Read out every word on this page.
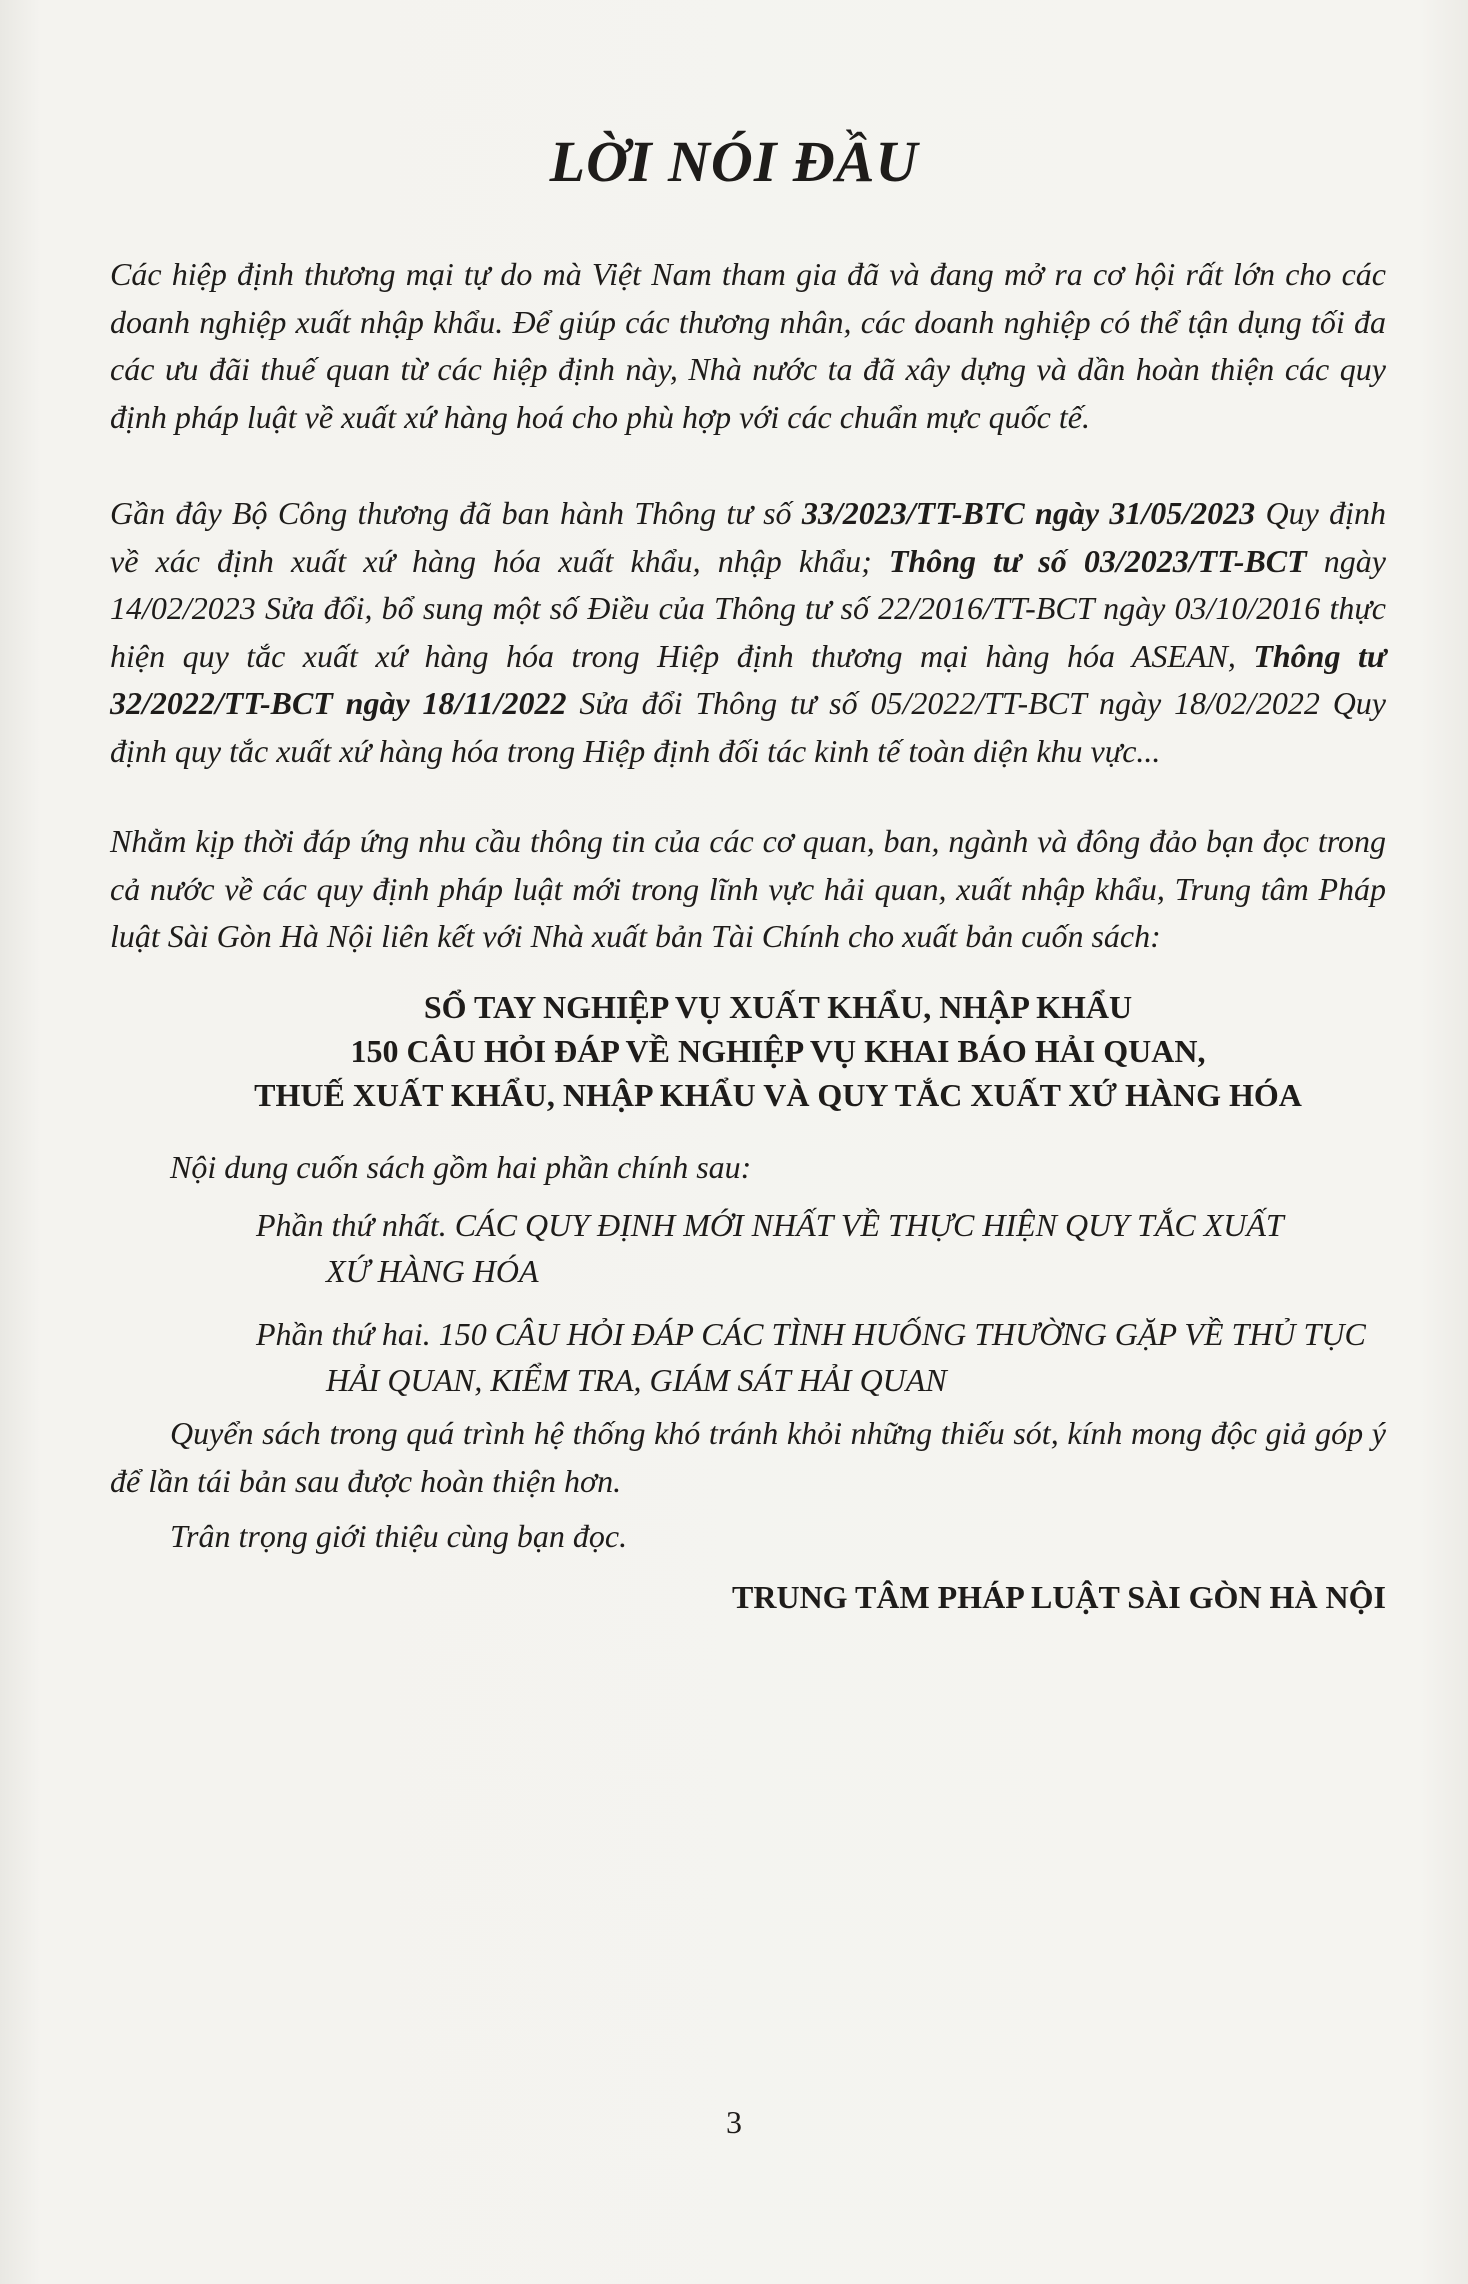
LỜI NÓI ĐẦU
Các hiệp định thương mại tự do mà Việt Nam tham gia đã và đang mở ra cơ hội rất lớn cho các doanh nghiệp xuất nhập khẩu. Để giúp các thương nhân, các doanh nghiệp có thể tận dụng tối đa các ưu đãi thuế quan từ các hiệp định này, Nhà nước ta đã xây dựng và dần hoàn thiện các quy định pháp luật về xuất xứ hàng hoá cho phù hợp với các chuẩn mực quốc tế.
Gần đây Bộ Công thương đã ban hành Thông tư số 33/2023/TT-BTC ngày 31/05/2023 Quy định về xác định xuất xứ hàng hóa xuất khẩu, nhập khẩu; Thông tư số 03/2023/TT-BCT ngày 14/02/2023 Sửa đổi, bổ sung một số Điều của Thông tư số 22/2016/TT-BCT ngày 03/10/2016 thực hiện quy tắc xuất xứ hàng hóa trong Hiệp định thương mại hàng hóa ASEAN, Thông tư 32/2022/TT-BCT ngày 18/11/2022 Sửa đổi Thông tư số 05/2022/TT-BCT ngày 18/02/2022 Quy định quy tắc xuất xứ hàng hóa trong Hiệp định đối tác kinh tế toàn diện khu vực...
Nhằm kịp thời đáp ứng nhu cầu thông tin của các cơ quan, ban, ngành và đông đảo bạn đọc trong cả nước về các quy định pháp luật mới trong lĩnh vực hải quan, xuất nhập khẩu, Trung tâm Pháp luật Sài Gòn Hà Nội liên kết với Nhà xuất bản Tài Chính cho xuất bản cuốn sách:
SỔ TAY NGHIỆP VỤ XUẤT KHẨU, NHẬP KHẨU
150 CÂU HỎI ĐÁP VỀ NGHIỆP VỤ KHAI BÁO HẢI QUAN,
THUẾ XUẤT KHẨU, NHẬP KHẨU VÀ QUY TẮC XUẤT XỨ HÀNG HÓA
Nội dung cuốn sách gồm hai phần chính sau:
Phần thứ nhất. CÁC QUY ĐỊNH MỚI NHẤT VỀ THỰC HIỆN QUY TẮC XUẤT
XỨ HÀNG HÓA
Phần thứ hai. 150 CÂU HỎI ĐÁP CÁC TÌNH HUỐNG THƯỜNG GẶP VỀ THỦ TỤC
HẢI QUAN, KIỂM TRA, GIÁM SÁT HẢI QUAN
Quyển sách trong quá trình hệ thống khó tránh khỏi những thiếu sót, kính mong độc giả góp ý để lần tái bản sau được hoàn thiện hơn.
Trân trọng giới thiệu cùng bạn đọc.
TRUNG TÂM PHÁP LUẬT SÀI GÒN HÀ NỘI
3
